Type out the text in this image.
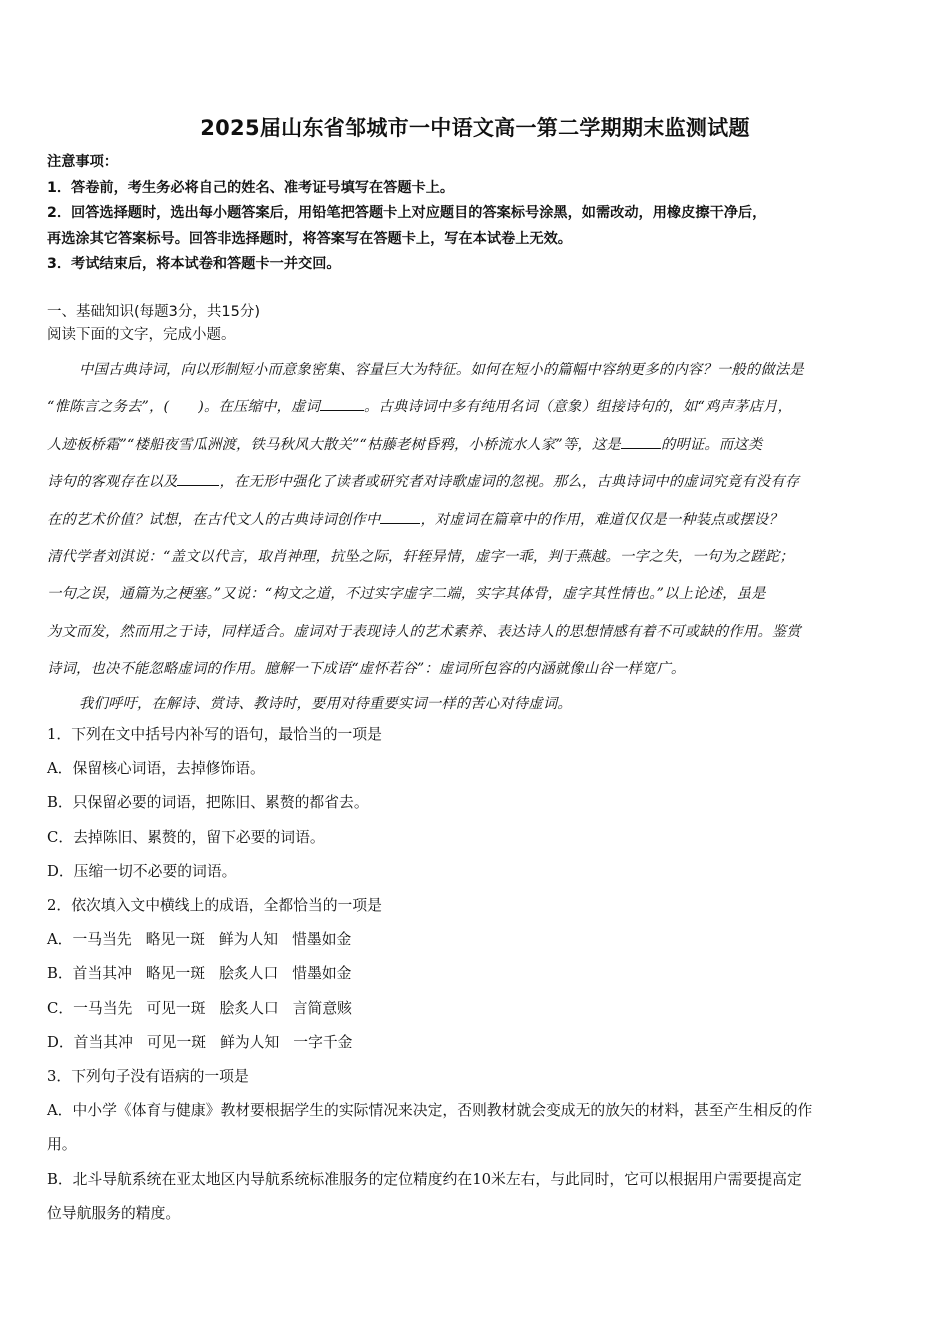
2025届山东省邹城市一中语文高一第二学期期末监测试题
注意事项：
1．答卷前，考生务必将自己的姓名、准考证号填写在答题卡上。
2．回答选择题时，选出每小题答案后，用铅笔把答题卡上对应题目的答案标号涂黑，如需改动，用橡皮擦干净后，
再选涂其它答案标号。回答非选择题时，将答案写在答题卡上，写在本试卷上无效。
3．考试结束后，将本试卷和答题卡一并交回。
一、基础知识(每题3分，共15分)
阅读下面的文字，完成小题。
中国古典诗词，向以形制短小而意象密集、容量巨大为特征。如何在短小的篇幅中容纳更多的内容？一般的做法是
“惟陈言之务去”，(　　)。在压缩中，虚词	。古典诗词中多有纯用名词（意象）组接诗句的，如“鸡声茅店月，
人迹板桥霜”“楼船夜雪瓜洲渡，铁马秋风大散关”“枯藤老树昏鸦，小桥流水人家”等，这是	的明证。而这类
诗句的客观存在以及	，在无形中强化了读者或研究者对诗歌虚词的忽视。那么，古典诗词中的虚词究竟有没有存
在的艺术价值？试想，在古代文人的古典诗词创作中	，对虚词在篇章中的作用，难道仅仅是一种装点或摆设？
清代学者刘淇说：“盖文以代言，取肖神理，抗坠之际，轩轾异情，虚字一乖，判于燕越。一字之失，一句为之蹉跎；
一句之误，通篇为之梗塞。”又说：“构文之道，不过实字虚字二端，实字其体骨，虚字其性情也。”以上论述，虽是
为文而发，然而用之于诗，同样适合。虚词对于表现诗人的艺术素养、表达诗人的思想情感有着不可或缺的作用。鉴赏
诗词，也决不能忽略虚词的作用。臆解一下成语“虚怀若谷”：虚词所包容的内涵就像山谷一样宽广。
我们呼吁，在解诗、赏诗、教诗时，要用对待重要实词一样的苦心对待虚词。
1．下列在文中括号内补写的语句，最恰当的一项是
A．保留核心词语，去掉修饰语。
B．只保留必要的词语，把陈旧、累赘的都省去。
C．去掉陈旧、累赘的，留下必要的词语。
D．压缩一切不必要的词语。
2．依次填入文中横线上的成语，全都恰当的一项是
A．一马当先 略见一斑 鲜为人知 惜墨如金
B．首当其冲 略见一斑 脍炙人口 惜墨如金
C．一马当先 可见一斑 脍炙人口 言简意赅
D．首当其冲 可见一斑 鲜为人知 一字千金
3．下列句子没有语病的一项是
A．中小学《体育与健康》教材要根据学生的实际情况来决定，否则教材就会变成无的放矢的材料，甚至产生相反的作
用。
B．北斗导航系统在亚太地区内导航系统标准服务的定位精度约在10米左右，与此同时，它可以根据用户需要提高定
位导航服务的精度。
